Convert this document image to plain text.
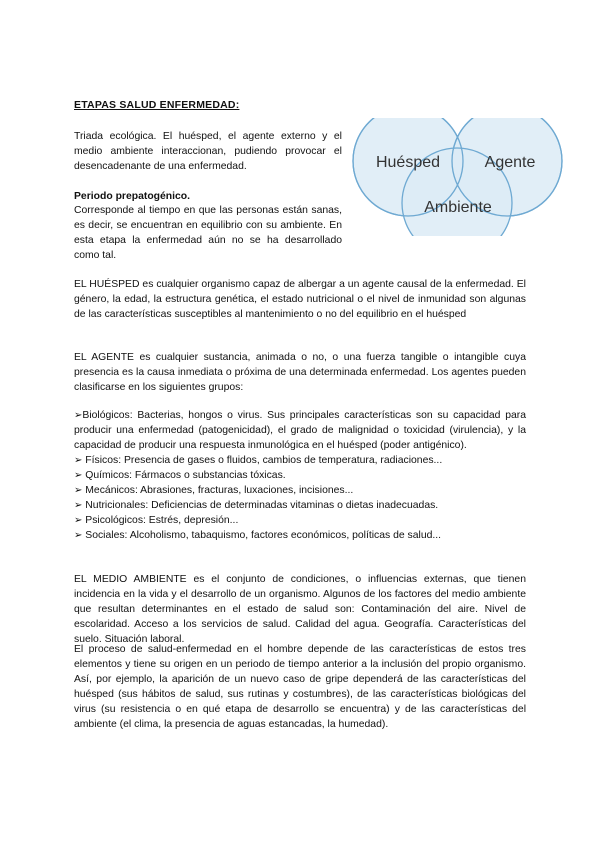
ETAPAS SALUD ENFERMEDAD:

Triada ecológica. El huésped, el agente externo y el medio ambiente interaccionan, pudiendo provocar el desencadenante de una enfermedad.

Periodo prepatogénico.

Corresponde al tiempo en que las personas están sanas, es decir, se encuentran en equilibrio con su ambiente. En esta etapa la enfermedad aún no se ha desarrollado como tal.

Huésped	Agente
Ambiente

EL HUÉSPED es cualquier organismo capaz de albergar a un agente causal de la enfermedad. El género, la edad, la estructura genética, el estado nutricional o el nivel de inmunidad son algunas de las características susceptibles al mantenimiento o no del equilibrio en el huésped

EL AGENTE es cualquier sustancia, animada o no, o una fuerza tangible o intangible cuya presencia es la causa inmediata o próxima de una determinada enfermedad. Los agentes pueden clasificarse en los siguientes grupos:

➢Biológicos: Bacterias, hongos o virus. Sus principales características son su capacidad para producir una enfermedad (patogenicidad), el grado de malignidad o toxicidad (virulencia), y la capacidad de producir una respuesta inmunológica en el huésped (poder antigénico).
➢ Físicos: Presencia de gases o fluidos, cambios de temperatura, radiaciones...
➢ Químicos: Fármacos o substancias tóxicas.
➢ Mecánicos: Abrasiones, fracturas, luxaciones, incisiones...
➢ Nutricionales: Deficiencias de determinadas vitaminas o dietas inadecuadas.
➢ Psicológicos: Estrés, depresión...
➢ Sociales: Alcoholismo, tabaquismo, factores económicos, políticas de salud...

EL MEDIO AMBIENTE es el conjunto de condiciones, o influencias externas, que tienen incidencia en la vida y el desarrollo de un organismo. Algunos de los factores del medio ambiente que resultan determinantes en el estado de salud son: Contaminación del aire. Nivel de escolaridad. Acceso a los servicios de salud. Calidad del agua. Geografía. Características del suelo. Situación laboral.

El proceso de salud-enfermedad en el hombre depende de las características de estos tres elementos y tiene su origen en un periodo de tiempo anterior a la inclusión del propio organismo. Así, por ejemplo, la aparición de un nuevo caso de gripe dependerá de las características del huésped (sus hábitos de salud, sus rutinas y costumbres), de las características biológicas del virus (su resistencia o en qué etapa de desarrollo se encuentra) y de las características del ambiente (el clima, la presencia de aguas estancadas, la humedad).
